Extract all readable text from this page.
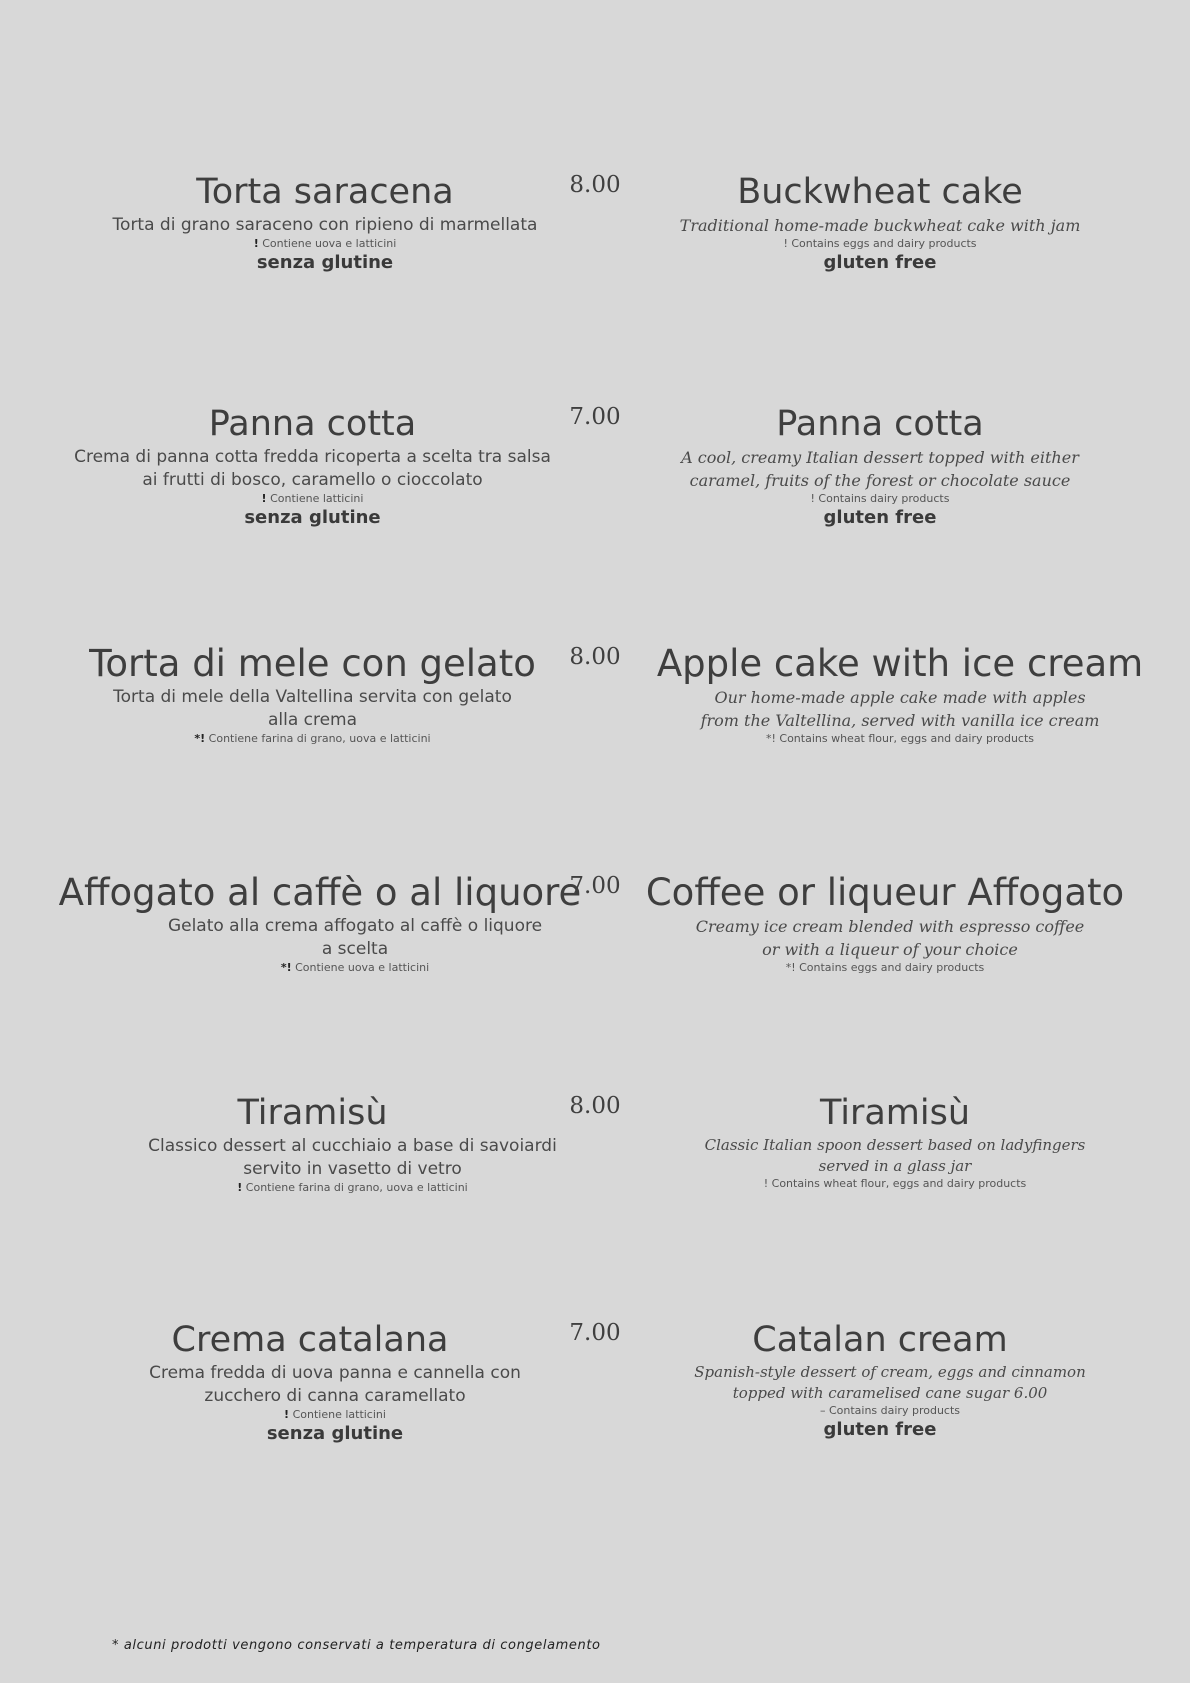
Torta saracena
Torta di grano saraceno con ripieno di marmellata
! Contiene uova e latticini
senza glutine
8.00	Buckwheat cake
Traditional home-made buckwheat cake with jam
! Contains eggs and dairy products
gluten free
Panna cotta
Crema di panna cotta fredda ricoperta a scelta tra salsa
ai frutti di bosco, caramello o cioccolato
! Contiene latticini
senza glutine
7.00	Panna cotta
A cool, creamy Italian dessert topped with either
caramel, fruits of the forest or chocolate sauce
! Contains dairy products
gluten free
Torta di mele con gelato
Torta di mele della Valtellina servita con gelato
alla crema
*! Contiene farina di grano, uova e latticini
8.00 Apple cake with ice cream
Our home-made apple cake made with apples
from the Valtellina, served with vanilla ice cream
*! Contains wheat flour, eggs and dairy products
Affogato al caffè o al liquore
Gelato alla crema affogato al caffè o liquore
a scelta
*! Contiene uova e latticini
7.00 Coffee or liqueur Affogato
Creamy ice cream blended with espresso coffee
or with a liqueur of your choice
*! Contains eggs and dairy products
Tiramisù
Classico dessert al cucchiaio a base di savoiardi
servito in vasetto di vetro
! Contiene farina di grano, uova e latticini
8.00	Tiramisù
Classic Italian spoon dessert based on ladyfingers
served in a glass jar
! Contains wheat flour, eggs and dairy products
Crema catalana
Crema fredda di uova panna e cannella con
zucchero di canna caramellato
! Contiene latticini
senza glutine
7.00	Catalan cream
Spanish-style dessert of cream, eggs and cinnamon
topped with caramelised cane sugar 6.00
– Contains dairy products
gluten free
* alcuni prodotti vengono conservati a temperatura di congelamento
